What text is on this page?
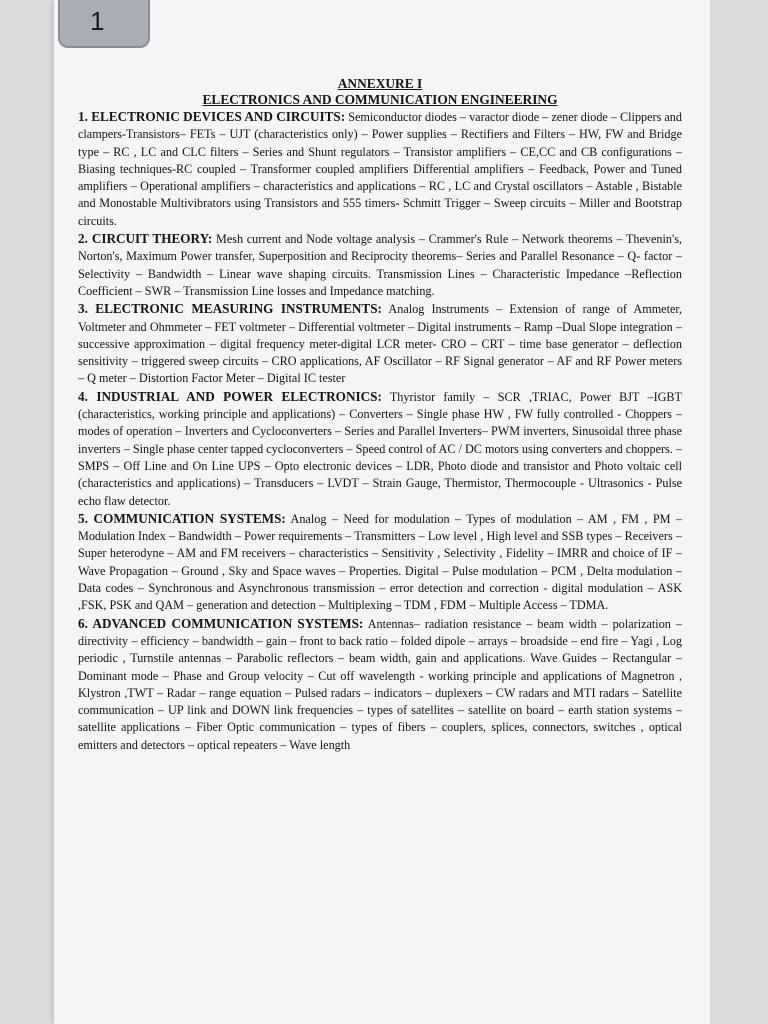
1
ANNEXURE I
ELECTRONICS AND COMMUNICATION ENGINEERING

1. ELECTRONIC DEVICES AND CIRCUITS: Semiconductor diodes – varactor diode – zener diode – Clippers and clampers-Transistors– FETs – UJT (characteristics only) – Power supplies – Rectifiers and Filters – HW, FW and Bridge type – RC , LC and CLC filters – Series and Shunt regulators – Transistor amplifiers – CE,CC and CB configurations – Biasing techniques-RC coupled – Transformer coupled amplifiers Differential amplifiers – Feedback, Power and Tuned amplifiers – Operational amplifiers – characteristics and applications – RC , LC and Crystal oscillators – Astable , Bistable and Monostable Multivibrators using Transistors and 555 timers- Schmitt Trigger – Sweep circuits – Miller and Bootstrap circuits.

2. CIRCUIT THEORY: Mesh current and Node voltage analysis – Crammer's Rule – Network theorems – Thevenin's, Norton's, Maximum Power transfer, Superposition and Reciprocity theorems– Series and Parallel Resonance – Q- factor – Selectivity – Bandwidth – Linear wave shaping circuits. Transmission Lines – Characteristic Impedance –Reflection Coefficient – SWR – Transmission Line losses and Impedance matching.

3. ELECTRONIC MEASURING INSTRUMENTS: Analog Instruments – Extension of range of Ammeter, Voltmeter and Ohmmeter – FET voltmeter – Differential voltmeter – Digital instruments – Ramp –Dual Slope integration – successive approximation – digital frequency meter-digital LCR meter- CRO – CRT – time base generator – deflection sensitivity – triggered sweep circuits – CRO applications, AF Oscillator – RF Signal generator – AF and RF Power meters – Q meter – Distortion Factor Meter – Digital IC tester

4. INDUSTRIAL AND POWER ELECTRONICS: Thyristor family – SCR ,TRIAC, Power BJT –IGBT (characteristics, working principle and applications) – Converters – Single phase HW , FW fully controlled - Choppers – modes of operation – Inverters and Cycloconverters – Series and Parallel Inverters– PWM inverters, Sinusoidal three phase inverters – Single phase center tapped cycloconverters – Speed control of AC / DC motors using converters and choppers. – SMPS – Off Line and On Line UPS – Opto electronic devices – LDR, Photo diode and transistor and Photo voltaic cell (characteristics and applications) – Transducers – LVDT – Strain Gauge, Thermistor, Thermocouple - Ultrasonics - Pulse echo flaw detector.

5. COMMUNICATION SYSTEMS: Analog – Need for modulation – Types of modulation – AM , FM , PM – Modulation Index – Bandwidth – Power requirements – Transmitters – Low level , High level and SSB types – Receivers – Super heterodyne – AM and FM receivers – characteristics – Sensitivity , Selectivity , Fidelity – IMRR and choice of IF – Wave Propagation – Ground , Sky and Space waves – Properties. Digital – Pulse modulation – PCM , Delta modulation – Data codes – Synchronous and Asynchronous transmission – error detection and correction - digital modulation – ASK ,FSK, PSK and QAM – generation and detection – Multiplexing – TDM , FDM – Multiple Access – TDMA.

6. ADVANCED COMMUNICATION SYSTEMS: Antennas– radiation resistance – beam width – polarization – directivity – efficiency – bandwidth – gain – front to back ratio – folded dipole – arrays – broadside – end fire – Yagi , Log periodic , Turnstile antennas – Parabolic reflectors – beam width, gain and applications. Wave Guides – Rectangular – Dominant mode – Phase and Group velocity – Cut off wavelength - working principle and applications of Magnetron , Klystron ,TWT – Radar – range equation – Pulsed radars – indicators – duplexers – CW radars and MTI radars – Satellite communication – UP link and DOWN link frequencies – types of satellites – satellite on board – earth station systems – satellite applications – Fiber Optic communication – types of fibers – couplers, splices, connectors, switches , optical emitters and detectors – optical repeaters – Wave length
